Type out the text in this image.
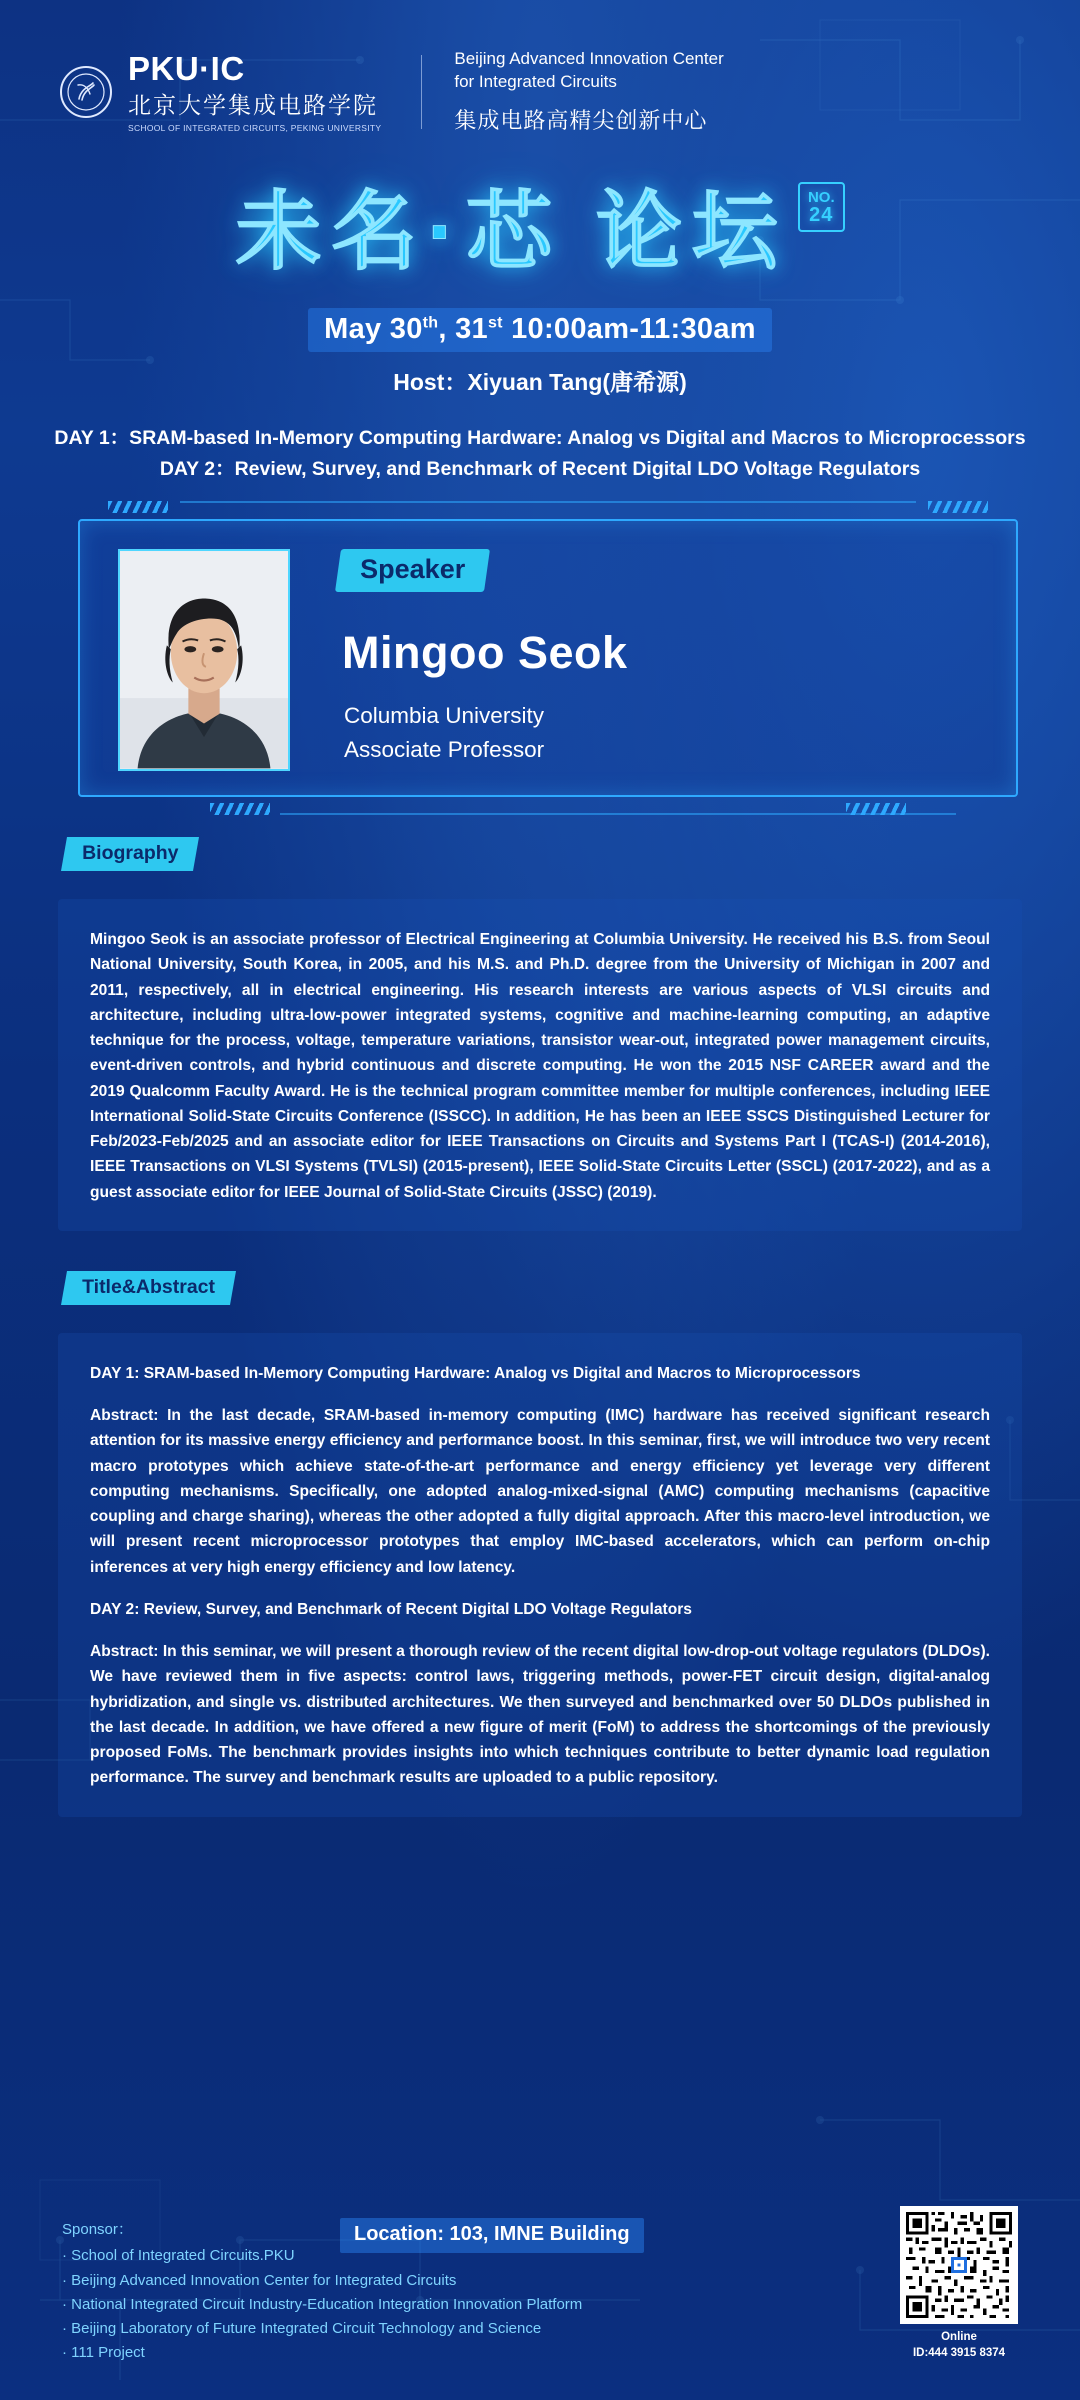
PKU·IC
北京大学集成电路学院
SCHOOL OF INTEGRATED CIRCUITS, PEKING UNIVERSITY
Beijing Advanced Innovation Center
for Integrated Circuits
集成电路高精尖创新中心
未名·芯 论坛 NO.
24
May 30th, 31st 10:00am-11:30am
Host：Xiyuan Tang(唐希源)
DAY 1：SRAM-based In-Memory Computing Hardware: Analog vs Digital and Macros to Microprocessors
DAY 2：Review, Survey, and Benchmark of Recent Digital LDO Voltage Regulators
Speaker
Mingoo Seok
Columbia University
Associate Professor
Biography
Mingoo Seok is an associate professor of Electrical Engineering at Columbia University. He received his B.S. from Seoul National University, South Korea, in 2005, and his M.S. and Ph.D. degree from the University of Michigan in 2007 and 2011, respectively, all in electrical engineering. His research interests are various aspects of VLSI circuits and architecture, including ultra-low-power integrated systems, cognitive and machine-learning computing, an adaptive technique for the process, voltage, temperature variations, transistor wear-out, integrated power management circuits, event-driven controls, and hybrid continuous and discrete computing. He won the 2015 NSF CAREER award and the 2019 Qualcomm Faculty Award. He is the technical program committee member for multiple conferences, including IEEE International Solid-State Circuits Conference (ISSCC). In addition, He has been an IEEE SSCS Distinguished Lecturer for Feb/2023-Feb/2025 and an associate editor for IEEE Transactions on Circuits and Systems Part I (TCAS-I) (2014-2016), IEEE Transactions on VLSI Systems (TVLSI) (2015-present), IEEE Solid-State Circuits Letter (SSCL) (2017-2022), and as a guest associate editor for IEEE Journal of Solid-State Circuits (JSSC) (2019).
Title&Abstract
DAY 1: SRAM-based In-Memory Computing Hardware: Analog vs Digital and Macros to Microprocessors
Abstract: In the last decade, SRAM-based in-memory computing (IMC) hardware has received significant research attention for its massive energy efficiency and performance boost. In this seminar, first, we will introduce two very recent macro prototypes which achieve state-of-the-art performance and energy efficiency yet leverage very different computing mechanisms. Specifically, one adopted analog-mixed-signal (AMC) computing mechanisms (capacitive coupling and charge sharing), whereas the other adopted a fully digital approach. After this macro-level introduction, we will present recent microprocessor prototypes that employ IMC-based accelerators, which can perform on-chip inferences at very high energy efficiency and low latency.
DAY 2: Review, Survey, and Benchmark of Recent Digital LDO Voltage Regulators
Abstract: In this seminar, we will present a thorough review of the recent digital low-drop-out voltage regulators (DLDOs). We have reviewed them in five aspects: control laws, triggering methods, power-FET circuit design, digital-analog hybridization, and single vs. distributed architectures. We then surveyed and benchmarked over 50 DLDOs published in the last decade. In addition, we have offered a new figure of merit (FoM) to address the shortcomings of the previously proposed FoMs. The benchmark provides insights into which techniques contribute to better dynamic load regulation performance. The survey and benchmark results are uploaded to a public repository.
Sponsor：
· School of Integrated Circuits.PKU
· Beijing Advanced Innovation Center for Integrated Circuits
· National Integrated Circuit Industry-Education Integration Innovation Platform
· Beijing Laboratory of Future Integrated Circuit Technology and Science
· 111 Project
Location: 103, IMNE Building
Online
ID:444 3915 8374
